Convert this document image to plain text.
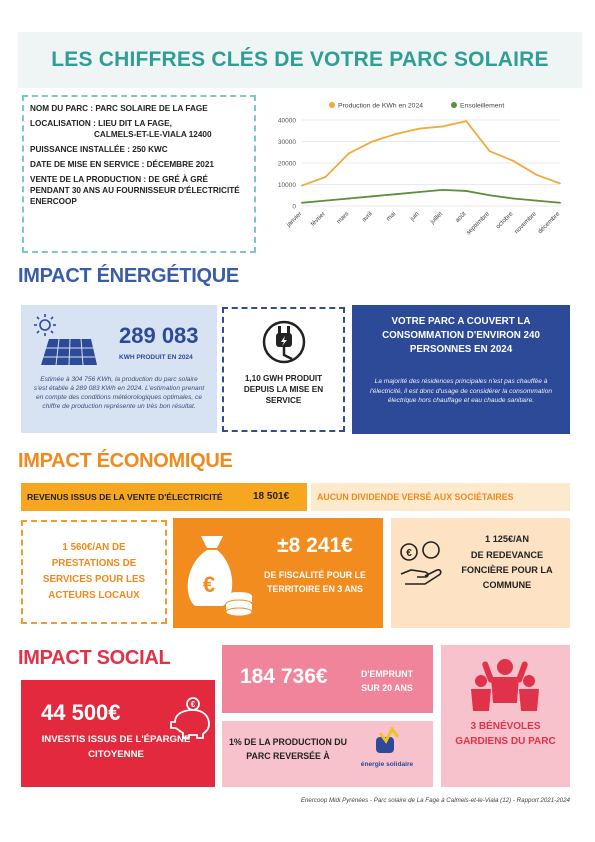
LES CHIFFRES CLÉS DE VOTRE PARC SOLAIRE
NOM DU PARC : PARC SOLAIRE DE LA FAGE
LOCALISATION : LIEU DIT LA FAGE,
CALMELS-ET-LE-VIALA 12400
PUISSANCE INSTALLÉE : 250 KWC
DATE DE MISE EN SERVICE : DÉCEMBRE 2021
VENTE DE LA PRODUCTION : DE GRÉ À GRÉ PENDANT 30 ANS AU FOURNISSEUR D'ÉLECTRICITÉ ENERCOOP
0
10000
20000
30000
40000
janvier février mars avril mai juin juillet août
septembre octobre
novembre
décembre
Production de KWh en 2024	Ensoleillement
IMPACT ÉNERGÉTIQUE
289 083
KWH PRODUIT EN 2024
Estimée à 304 756 KWh, la production du parc solaire s'est établie à 289 083 KWh en 2024. L'estimation prenant en compte des conditions météorologiques optimales, ce chiffre de production représente un très bon résultat.
1,10 GWH PRODUIT DEPUIS LA MISE EN SERVICE
VOTRE PARC A COUVERT LA CONSOMMATION D'ENVIRON 240 PERSONNES EN 2024
La majorité des résidences principales n'est pas chauffée à l'électricité, il est donc d'usage de considérer la consommation électrique hors chauffage et eau chaude sanitaire.
IMPACT ÉCONOMIQUE
REVENUS ISSUS DE LA VENTE D'ÉLECTRICITÉ	18 501€	AUCUN DIVIDENDE VERSÉ AUX SOCIÉTAIRES
1 560€/AN DE PRESTATIONS DE SERVICES POUR LES ACTEURS LOCAUX	€
±8 241€
DE FISCALITÉ POUR LE TERRITOIRE EN 3 ANS
€
1 125€/AN
DE REDEVANCE FONCIÈRE POUR LA COMMUNE
IMPACT SOCIAL
44 500€	€
INVESTIS ISSUS DE L'ÉPARGNE CITOYENNE
184 736€	D'EMPRUNT SUR 20 ANS
1% DE LA PRODUCTION DU PARC REVERSÉE À
énergie solidaire
3 BÉNÉVOLES GARDIENS DU PARC
Enercoop Midi Pyrénées - Parc solaire de La Fage à Calmels-et-le-Viala (12) - Rapport 2021-2024
